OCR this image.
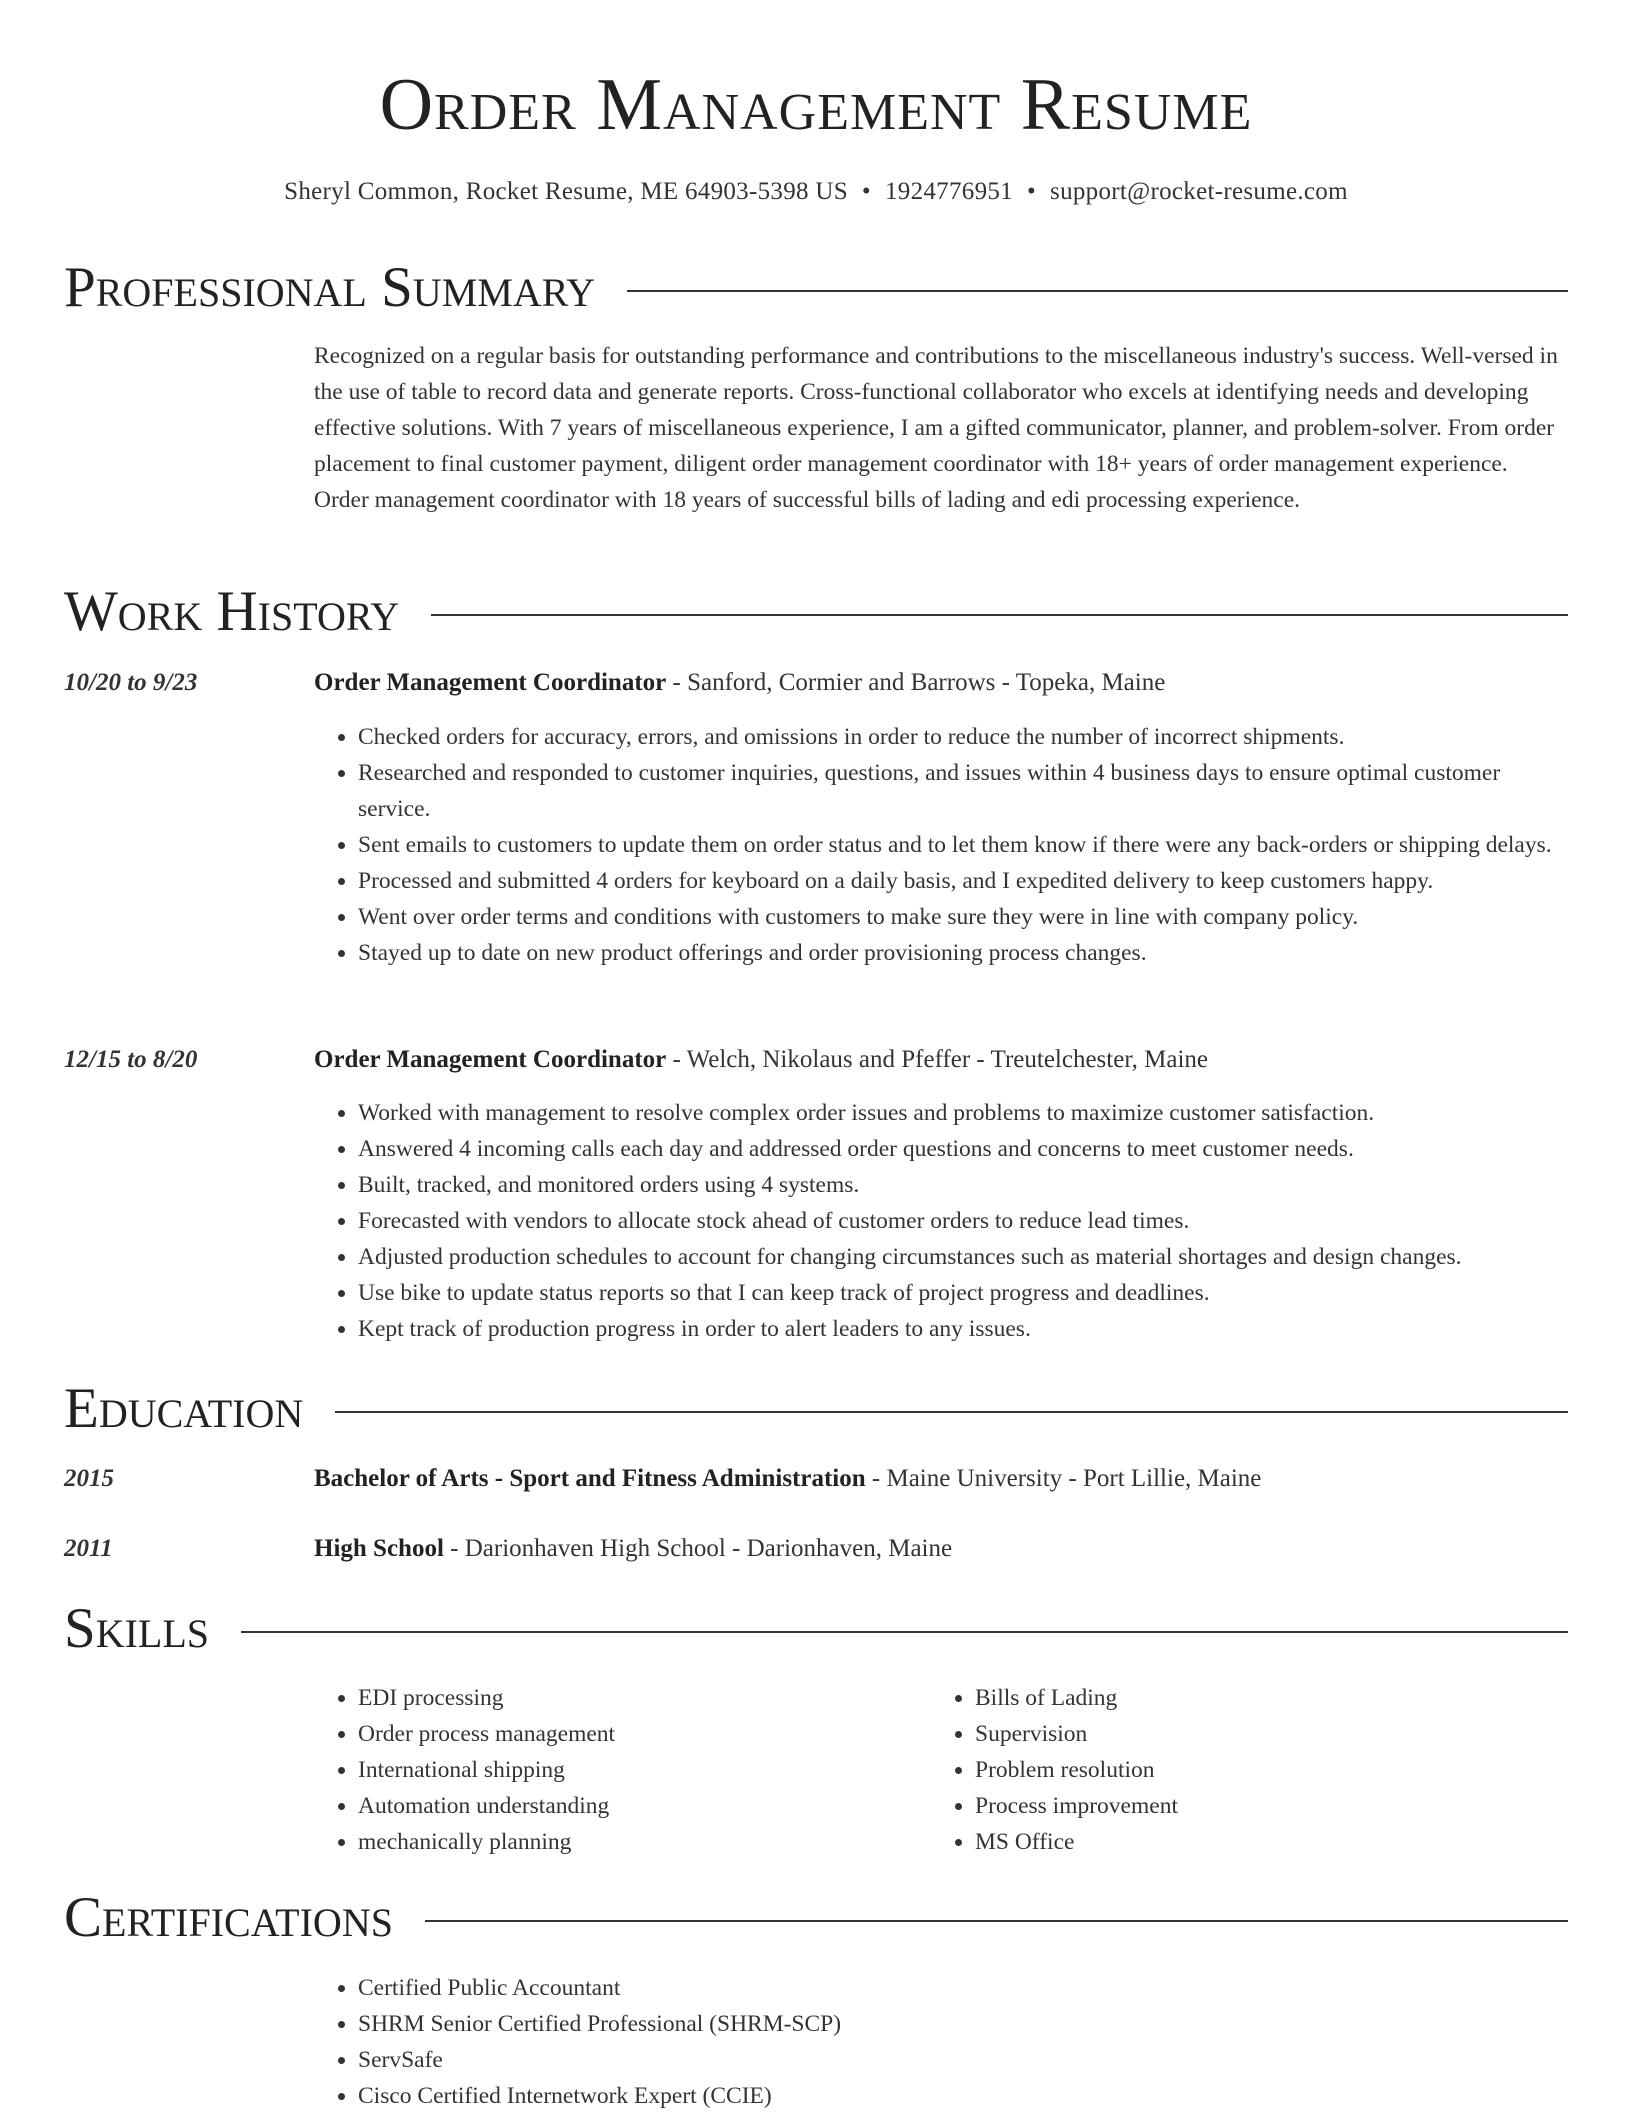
Order Management Resume
Sheryl Common, Rocket Resume, ME 64903-5398 US • 1924776951 • support@rocket-resume.com
Professional Summary

Recognized on a regular basis for outstanding performance and contributions to the miscellaneous industry's success. Well-versed in the use of table to record data and generate reports. Cross-functional collaborator who excels at identifying needs and developing effective solutions. With 7 years of miscellaneous experience, I am a gifted communicator, planner, and problem-solver. From order placement to final customer payment, diligent order management coordinator with 18+ years of order management experience. Order management coordinator with 18 years of successful bills of lading and edi processing experience.

Work History
10/20 to 9/23	Order Management Coordinator - Sanford, Cormier and Barrows - Topeka, Maine
• Checked orders for accuracy, errors, and omissions in order to reduce the number of incorrect shipments.
• Researched and responded to customer inquiries, questions, and issues within 4 business days to ensure optimal customer service.
• Sent emails to customers to update them on order status and to let them know if there were any back-orders or shipping delays.
• Processed and submitted 4 orders for keyboard on a daily basis, and I expedited delivery to keep customers happy.
• Went over order terms and conditions with customers to make sure they were in line with company policy.
• Stayed up to date on new product offerings and order provisioning process changes.
12/15 to 8/20	Order Management Coordinator - Welch, Nikolaus and Pfeffer - Treutelchester, Maine
• Worked with management to resolve complex order issues and problems to maximize customer satisfaction.
• Answered 4 incoming calls each day and addressed order questions and concerns to meet customer needs.
• Built, tracked, and monitored orders using 4 systems.
• Forecasted with vendors to allocate stock ahead of customer orders to reduce lead times.
• Adjusted production schedules to account for changing circumstances such as material shortages and design changes.
• Use bike to update status reports so that I can keep track of project progress and deadlines.
• Kept track of production progress in order to alert leaders to any issues.
Education
2015	Bachelor of Arts - Sport and Fitness Administration - Maine University - Port Lillie, Maine
2011	High School - Darionhaven High School - Darionhaven, Maine
Skills
• EDI processing
• Order process management
• International shipping
• Automation understanding
• mechanically planning
• Bills of Lading
• Supervision
• Problem resolution
• Process improvement
• MS Office
Certifications
• Certified Public Accountant
• SHRM Senior Certified Professional (SHRM-SCP)
• ServSafe
• Cisco Certified Internetwork Expert (CCIE)
